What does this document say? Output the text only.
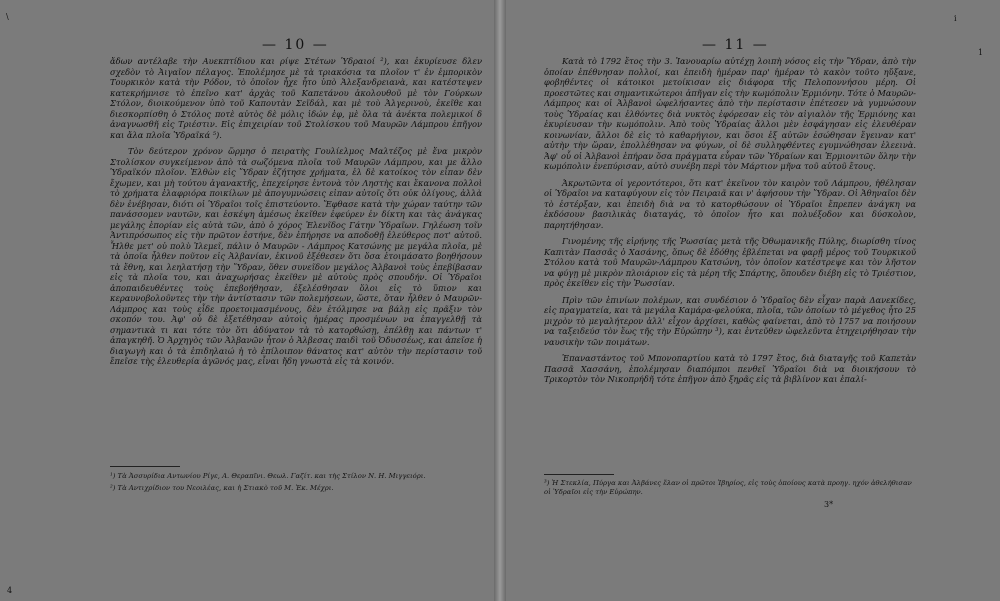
— 10 —

ἄδων αντέλαβε τὴν Αυεκπτίδιου και ρίψε Στέτων Ὑδραιοί ²), και ἐκυρίευσε δλεν σχεδὸν τὸ Ἀιγαῖον πέλαγος. Ἐπολέμησε μὲ τὰ τριακόσια τα πλοῖον τ' ἐν ἐμπορικὸν Τουρκικὸν κατὰ τὴν Ρόδον, τὸ ὁποῖον ἦχε ἦτο ὑπὸ Ἀλεξανδρειανὰ, και κατέστεψεν κατεκρήμνισε τὸ ἐπεῖνο κατ' ἀρχὰς τοῦ Καπετάνου ἀκολουθοῦ μὲ τὸν Γούρκων Στόλον, διοικούμενον ὑπὸ τοῦ Καπουτὰν Σεϊδάλ, και μὲ τοὺ Ἀλγερινοὺ, ἐκεῖθε και διεσκορπίσθη ὁ Στόλος ποτὲ αὐτὸς δὲ μόλις ἰδών ἐφ, μὲ ὅλα τὰ ἀνέκτα πολεμικοί δ ἀναγνωσθῆ εἰς Τριέστιν. Εἰς ἐπιχειρίαν τοῦ Στολίσκου τοῦ Μαυρῶν Λάμπρου ἐπῆγον και ἄλα πλοῖα Ὑδραϊκά ⁵).

Τὸν δεύτερον χρόνον ὥρμησ ὁ πειρατὴς Γουλίελμος Μαλτέζος μὲ ἕνα μικρὸν Στολίσκον συγκείμενον ἀπὸ τὰ σωζόμενα πλοῖα τοῦ Μαυρῶν Λάμπρου, και με ἄλλο Ὑδραϊκόν πλοῖον. Ἐλθὼν εἰς Ὕδραν ἐζήτησε χρήματα, ἐλ δὲ κατοίκος τὸν εἶπαν δὲν ἔχωμεν, και μὴ τούτου ἀγανακτῆς, ἐπεχείρησε ἐντονὰ τὸν Ληστὴς και ἔκανονα πολλοὶ τὸ χρήματα ἐλαφριόρα ποικίλων μὲ ἀπογυμνώσεις εἰπαν αὐτοῖς ὅτι οὐκ ὀλίγους, ἀλλὰ δὲν ἐνέβησαν, διότι οἱ Ὑδραῖοι τοῖς ἐπιστεύοντο. Ἔφθασε κατὰ τὴν χώραν ταύτην τῶν πανάσσομεν ναυτῶν, και ἐσκέψη ἀμέσως ἐκεῖθεν ἐφεύρεν ἐν δίκτη και τὰς ἀνάγκας μεγάλης ἐπορίαν εἰς αὐτὰ τῶν, ἀπὸ ὁ χόρος Ἐλενῖδος Γάτην Ὑδραῖων. Γηλέωση τοῖν Ἀντιπρόσωπος εἰς τὴν πρῶτον ἐστήνε, δὲν ἐπήρησε να αποδοθῇ ἐλεύθερος ποτ' αὐτοῦ. Ἦλθε μετ' οὐ πολὺ Ἰλεμεῖ, πάλιν ὁ Μαυρῶν - Λάμπρος Κατσώνης με μεγάλα πλοῖα, μὲ τὰ ὁποῖα ἦλθεν ποῦτον εἰς Ἀλβανίαν, ἐκινοῦ ἐξέθεσεν ὅτι ὅσα ἐτοιμάσατο βοηθήσουν τὰ ἔθνη, και λεηλατήσῃ τὴν Ὕδραν, ὅθεν συνεῖδον μεγάλος Ἀλβανοὶ τοὺς ἐπεβίβασαν εἰς τὰ πλοῖα του, και ἀναχωρήσας ἐκεῖθεν μὲ αὐτοὺς πρὸς σπουδήν. Οἱ Ὑδραῖοι ἀποπαιδευθέντες τοὺς ἐπεβοήθησαν, ἐξελέσθησαν ὅλοι εἰς τὸ ὕπιον και κεραυνοβολοῦντες τὴν τὴν ἀντίστασιν τῶν πολεμήσεων, ὥστε, ὅταν ἦλθεν ὁ Μαυρῶν-Λάμπρος και τοὺς εἶδε προετοιμασμένους, δὲν ἐτόλμησε να βάλῃ εἰς πρᾶξιν τὸν σκοπόν του. Ἀφ' οὗ δὲ ἐξετέθησαν αὐτοὶς ἡμέρας προσμένων να ἐπαγγελθῇ τὰ σημαντικὰ τι και τότε τὸν ὅτι ἀδύνατον τὰ τὸ κατορθώσῃ, ἐπέλθῃ και πάντων τ' ἀπαγκηθῆ. Ὁ Ἀρχηγὸς τῶν Ἀλβανῶν ἦτον ὁ Ἀλβεσας παιδὶ τοῦ Ὀδυσσέως, και ἀπεῖσε ἡ διαγωγὴ και ὁ τὰ ἐπιδηλαιώ ἡ τὸ ἐπίλοιπον θάνατος κατ' αὐτὸν τὴν περίστασιν τοῦ ἔπεῖσε τὴς ἐλευθερία ἀγῶνός μας, εἶναι ἤδη γνωστὰ εἰς τὰ κοινόν.

¹) Τὰ Ἀσσυρίδια Αντωνίου Ρίγε, Α. Θεραπῖνι. Θεωλ. Γαζίτ. και τὴς Στίλον Ν. Η. Μιγγειόρι.
²) Τὰ Αντιχρίδιον του Νεοιλέας, και ἡ Στιακὸ τοῦ Μ. Ἐκ. Μέχρι.
— 11 —

Κατὰ τὸ 1792 ἔτος τὴν 3. Ἰανουαρίω αὐτέχῃ λοιπὴ νόσος εἰς τὴν Ὕδραν, ἀπὸ τὴν ὁποίαν ἐπέθνησαν πολλοί, και ἐπειδὴ ἡμέραν παρ' ἡμέραν τὸ κακὸν τοῦτο ηὔξανε, φοβηθέντες οἱ κάτοικοι μετοίκισαν εἰς διάφορα τῆς Πελοποννήσου μέρη. Οἱ προεστῶτες και σημαντικώτεροι ἀπῆγαν εἰς τὴν κωμόπολιν Ἑρμιόνην. Τότε ὁ Μαυρῶν-Λάμπρος και οἱ Ἀλβανοὶ ὠφελήσαντες ἀπὸ τὴν περίστασιν ἐπέτεσεν νὰ γυμνώσουν τοὺς Ὑδραίας και ἐλθόντες διὰ νυκτὸς ἐφόρεσαν εἰς τὸν αἰγιαλὸν τῆς Ἑρμιόνης και ἐκυρίευσαν τὴν κωμόπολιν. Ἀπὸ τοὺς Ὑδραίας ἄλλοι μὲν ἐσφάγησαν εἰς ἐλευθέραν κοινωνίαν, ἄλλοι δὲ εἰς τὸ καθαρήγιον, και ὅσοι ἐξ αὐτῶν ἐσώθησαν ἔγειναν κατ' αὐτὴν τὴν ὥραν, ἐπολλέθησαν να φύγων, οἱ δὲ συλληφθέντες εγυμνώθησαν ἐλεεινὰ. Ἀφ' οὗ οἱ Ἀλβανοὶ ἐπήραν ὅσα πράγματα εὗραν τῶν Ὑδραίων και Ἑρμιονιτῶν ὅλην τὴν κωμόπολιν ἐνεπύρισαν, αὐτὸ συνέβη περὶ τὸν Μάρτιον μῆνα τοῦ αὐτοῦ ἔτους.

Ἀκρωτῶντα οἱ γεροντότεροι, ὅτι κατ' ἐκεῖνον τὸν καιρὸν τοῦ Λάμπρου, ἠθέλησαν οἱ Ὑδραῖοι να καταφύγουν εἰς τὸν Πειραιᾶ και ν' ἀφήσουν τὴν Ὕδραν. Οἱ Ἀθηναῖοι δὲν τὸ ἐστέρξαν, και ἐπειδὴ διὰ να τὸ κατορθώσουν οἱ Ὑδραῖοι ἔπρεπεν ἀνάγκη να ἐκδόσουν βασιλικὰς διαταγάς, τὸ ὁποῖον ἦτο και πολυέξοδον και δύσκολον, παρητήθησαν.

Γινομένης τῆς εἰρήνης τῆς Ῥωσσίας μετὰ τῆς Ὀθωμανικῆς Πύλης, διωρίσθη τίνος Καπιτὰν Πασσᾶς ὁ Χασάνης, ὅπως δὲ ἐδόθης ἐβλέπεται να φαρῇ μέρος τοῦ Τουρκικοῦ Στόλου κατὰ τοῦ Μαυρῶν-Λάμπρου Κατσώνη, τὸν ὁποῖον κατέστρεψε και τὸν λῆστον να φύγῃ μὲ μικρὸν πλοιάριον εἰς τὰ μέρη τῆς Σπάρτης, ὅπουδεν διέβη εἰς τὸ Τριέστιον, πρὸς ἐκεῖθεν εἰς τὴν Ῥωσσίαν.

Πρὶν τῶν ἐπινίων πολέμων, και συνδέσιον ὁ Ὑδραῖος δὲν εἶχαν παρὰ Δανεκίδες, εἰς πραγματεία, και τὰ μεγάλα Καμάρα-φελούκα, πλοῖα, τῶν ὁποίων τὸ μέγεθος ἦτο 25 μιχρὸν τὸ μεγαλήτερον ἀλλ' εἶχον ἀρχίσει, καθὼς φαίνεται, ἀπὸ τὸ 1757 να ποιήσουν να ταξειδεύσ τὸν ἔως τῆς τὴν Εὐρώπην ³), και ἐντεῦθεν ὠφελεῦντα ἐτηχειρήθησαν τὴν ναυσικὴν τῶν ποιμάτων.

Ἐπαναστάντος τοῦ Μπονοπαρτίου κατὰ τὸ 1797 ἔτος, διὰ διαταγῆς τοῦ Καπετὰν Πασσᾶ Χασσάνη, ἐπολέμησαν διαπόμποι πενθεῖ Ὑδραῖοι διὰ να διοικήσουν τὸ Τρικορτὸν τὸν Νικοπρήδῆ τότε ἐπῆγον ἀπὸ ξηρᾶς εἰς τὰ βιβλίνον και ἐπαλί-

³) Ἡ Στεκλία, Πύργα και Ἀλβάνες ἔλαν οἱ πρῶτοι Ἰβηρίος, εἰς τοὺς ὁποίους κατὰ προηγ. ηχόν ἀθελήθισαν οἱ Ὑδραῖοι εἰς τὴν Εὐρώπην.
3*
\
4
i
1
